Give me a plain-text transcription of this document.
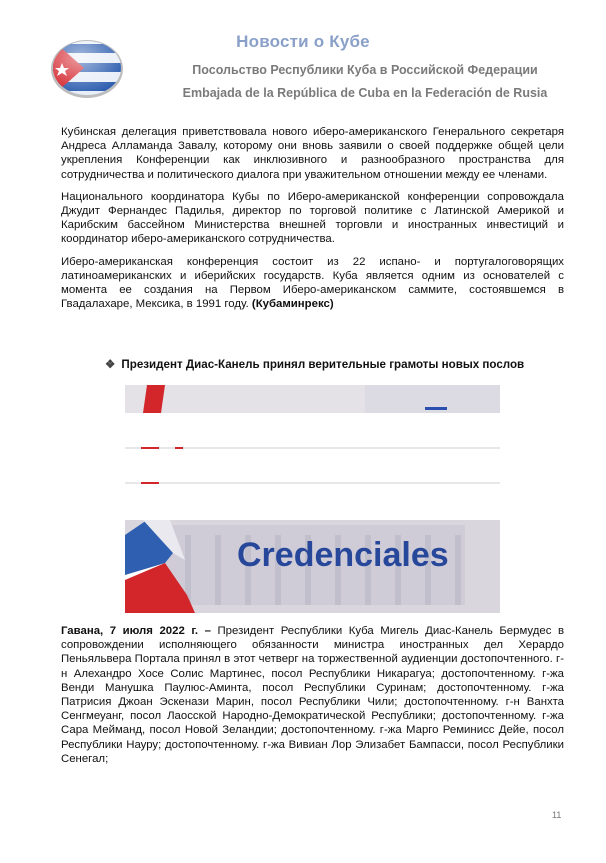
Новости о Кубе
Посольство Республики Куба в Российской Федерации
Embajada de la República de Cuba en la Federación de Rusia

Кубинская делегация приветствовала нового иберо-американского Генерального секретаря Андреса Алламанда Завалу, которому они вновь заявили о своей поддержке общей цели укрепления Конференции как инклюзивного и разнообразного пространства для сотрудничества и политического диалога при уважительном отношении между ее членами.

Национального координатора Кубы по Иберо-американской конференции сопровождала Джудит Фернандес Падилья, директор по торговой политике с Латинской Америкой и Карибским бассейном Министерства внешней торговли и иностранных инвестиций и координатор иберо-американского сотрудничества.

Иберо-американская конференция состоит из 22 испано- и португалоговорящих латиноамериканских и иберийских государств. Куба является одним из основателей с момента ее создания на Первом Иберо-американском саммите, состоявшемся в Гвадалахаре, Мексика, в 1991 году. (Кубаминрекс)

❖ Президент Диас-Канель принял верительные грамоты новых послов
Credenciales

Гавана, 7 июля 2022 г. – Президент Республики Куба Мигель Диас-Канель Бермудес в сопровождении исполняющего обязанности министра иностранных дел Херардо Пеньяльвера Портала принял в этот четверг на торжественной аудиенции достопочтенного. г-н Алехандро Хосе Солис Мартинес, посол Республики Никарагуа; достопочтенному. г-жа Венди Манушка Паулюс-Аминта, посол Республики Суринам; достопочтенному. г-жа Патрисия Джоан Эскенази Марин, посол Республики Чили; достопочтенному. г-н Ванхта Сенгмеуанг, посол Лаосской Народно-Демократической Республики; достопочтенному. г-жа Сара Мейманд, посол Новой Зеландии; достопочтенному. г-жа Марго Реминисс Дейе, посол Республики Науру; достопочтенному. г-жа Вивиан Лор Элизабет Бампасси, посол Республики Сенегал;

11
